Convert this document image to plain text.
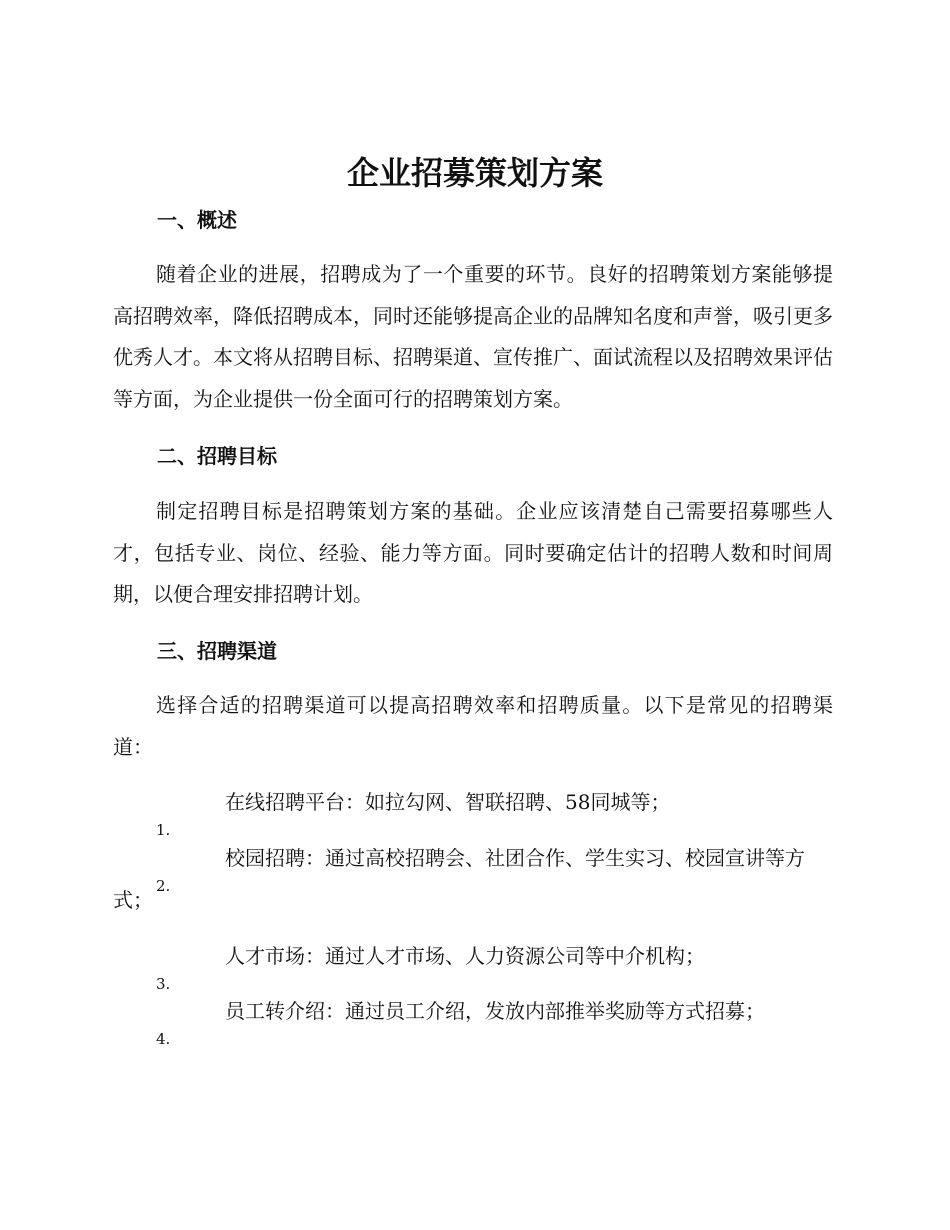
企业招募策划方案
一、概述

随着企业的进展，招聘成为了一个重要的环节。良好的招聘策划方案能够提高招聘效率，降低招聘成本，同时还能够提高企业的品牌知名度和声誉，吸引更多优秀人才。本文将从招聘目标、招聘渠道、宣传推广、面试流程以及招聘效果评估等方面，为企业提供一份全面可行的招聘策划方案。

二、招聘目标

制定招聘目标是招聘策划方案的基础。企业应该清楚自己需要招募哪些人才，包括专业、岗位、经验、能力等方面。同时要确定估计的招聘人数和时间周期，以便合理安排招聘计划。

三、招聘渠道

选择合适的招聘渠道可以提高招聘效率和招聘质量。以下是常见的招聘渠道：

1.
在线招聘平台：如拉勾网、智联招聘、58同城等；
2.
校园招聘：通过高校招聘会、社团合作、学生实习、校园宣讲等方式；
3.
人才市场：通过人才市场、人力资源公司等中介机构；
4.
员工转介绍：通过员工介绍，发放内部推举奖励等方式招募；
